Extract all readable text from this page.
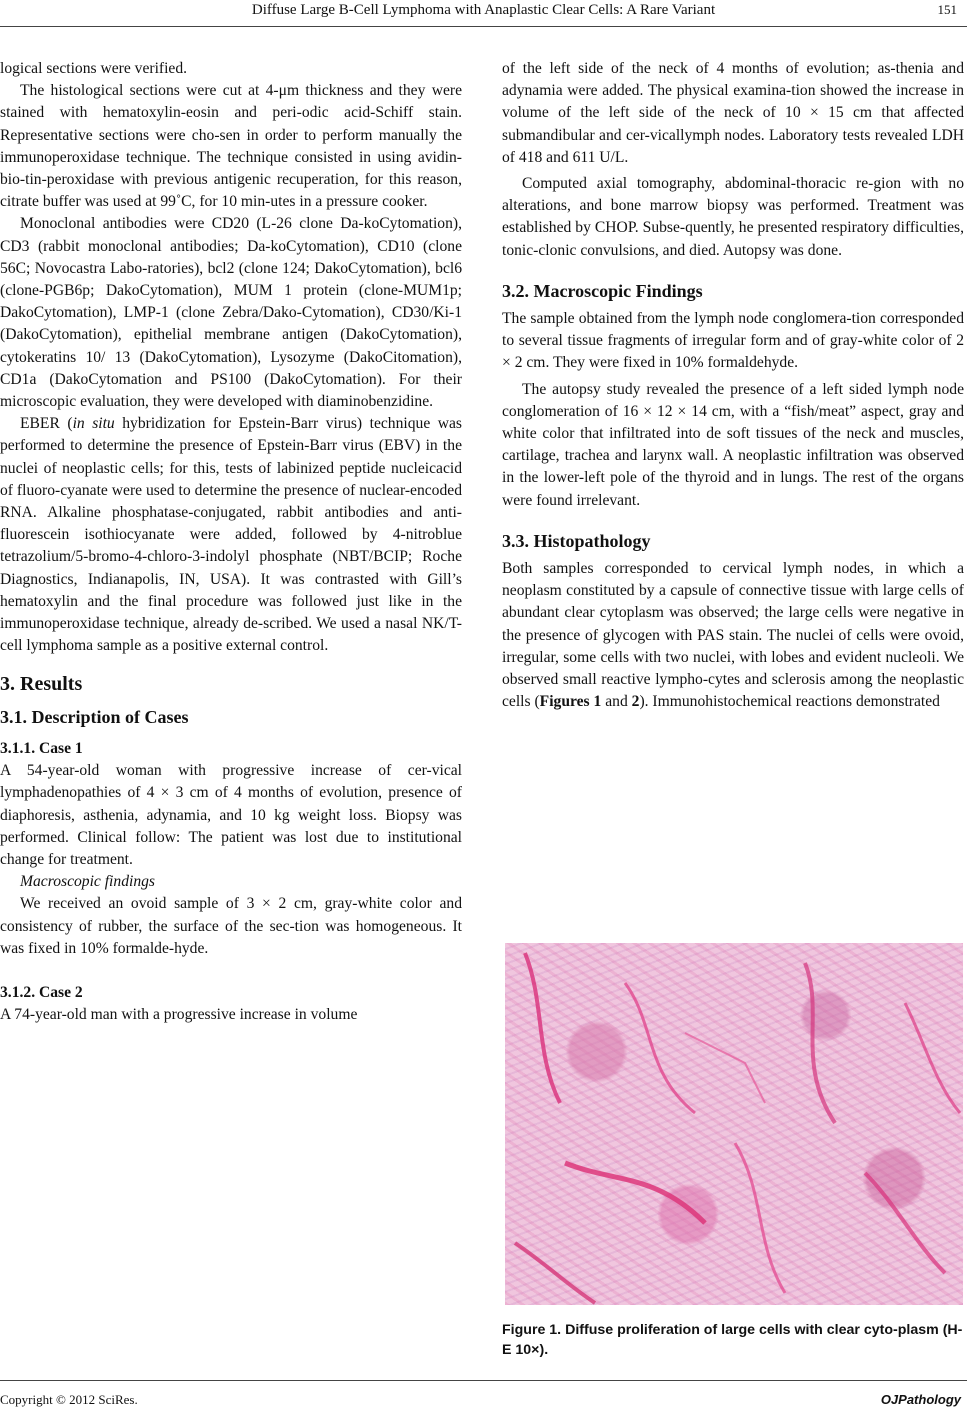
Diffuse Large B-Cell Lymphoma with Anaplastic Clear Cells: A Rare Variant	151

logical sections were verified.

The histological sections were cut at 4-μm thickness and they were stained with hematoxylin-eosin and peri-odic acid-Schiff stain. Representative sections were cho-sen in order to perform manually the immunoperoxidase technique. The technique consisted in using avidin-bio-tin-peroxidase with previous antigenic recuperation, for this reason, citrate buffer was used at 99˚C, for 10 min-utes in a pressure cooker.

Monoclonal antibodies were CD20 (L-26 clone Da-koCytomation), CD3 (rabbit monoclonal antibodies; Da-koCytomation), CD10 (clone 56C; Novocastra Labo-ratories), bcl2 (clone 124; DakoCytomation), bcl6 (clone-PGB6p; DakoCytomation), MUM 1 protein (clone-MUM1p; DakoCytomation), LMP-1 (clone Zebra/Dako-Cytomation), CD30/Ki-1 (DakoCytomation), epithelial membrane antigen (DakoCytomation), cytokeratins 10/ 13 (DakoCytomation), Lysozyme (DakoCitomation), CD1a (DakoCytomation and PS100 (DakoCytomation). For their microscopic evaluation, they were developed with diaminobenzidine.

EBER (in situ hybridization for Epstein-Barr virus) technique was performed to determine the presence of Epstein-Barr virus (EBV) in the nuclei of neoplastic cells; for this, tests of labinized peptide nucleicacid of fluoro-cyanate were used to determine the presence of nuclear-encoded RNA. Alkaline phosphatase-conjugated, rabbit antibodies and anti-fluorescein isothiocyanate were added, followed by 4-nitroblue tetrazolium/5-bromo-4-chloro-3-indolyl phosphate (NBT/BCIP; Roche Diagnostics, Indianapolis, IN, USA). It was contrasted with Gill’s hematoxylin and the final procedure was followed just like in the immunoperoxidase technique, already de-scribed. We used a nasal NK/T-cell lymphoma sample as a positive external control.

3. Results
3.1. Description of Cases
3.1.1. Case 1

A 54-year-old woman with progressive increase of cer-vical lymphadenopathies of 4 × 3 cm of 4 months of evolution, presence of diaphoresis, asthenia, adynamia, and 10 kg weight loss. Biopsy was performed. Clinical follow: The patient was lost due to institutional change for treatment.

Macroscopic findings

We received an ovoid sample of 3 × 2 cm, gray-white color and consistency of rubber, the surface of the sec-tion was homogeneous. It was fixed in 10% formalde-hyde.

3.1.2. Case 2

A 74-year-old man with a progressive increase in volume

of the left side of the neck of 4 months of evolution; as-thenia and adynamia were added. The physical examina-tion showed the increase in volume of the left side of the neck of 10 × 15 cm that affected submandibular and cer-vicallymph nodes. Laboratory tests revealed LDH of 418 and 611 U/L.

Computed axial tomography, abdominal-thoracic re-gion with no alterations, and bone marrow biopsy was performed. Treatment was established by CHOP. Subse-quently, he presented respiratory difficulties, tonic-clonic convulsions, and died. Autopsy was done.

3.2. Macroscopic Findings

The sample obtained from the lymph node conglomera-tion corresponded to several tissue fragments of irregular form and of gray-white color of 2 × 2 cm. They were fixed in 10% formaldehyde.

The autopsy study revealed the presence of a left sided lymph node conglomeration of 16 × 12 × 14 cm, with a “fish/meat” aspect, gray and white color that infiltrated into de soft tissues of the neck and muscles, cartilage, trachea and larynx wall. A neoplastic infiltration was observed in the lower-left pole of the thyroid and in lungs. The rest of the organs were found irrelevant.

3.3. Histopathology

Both samples corresponded to cervical lymph nodes, in which a neoplasm constituted by a capsule of connective tissue with large cells of abundant clear cytoplasm was observed; the large cells were negative in the presence of glycogen with PAS stain. The nuclei of cells were ovoid, irregular, some cells with two nuclei, with lobes and evident nucleoli. We observed small reactive lympho-cytes and sclerosis among the neoplastic cells (Figures 1 and 2). Immunohistochemical reactions demonstrated

Figure 1. Diffuse proliferation of large cells with clear cyto-plasm (H-E 10×).
Copyright © 2012 SciRes.	OJPathology
